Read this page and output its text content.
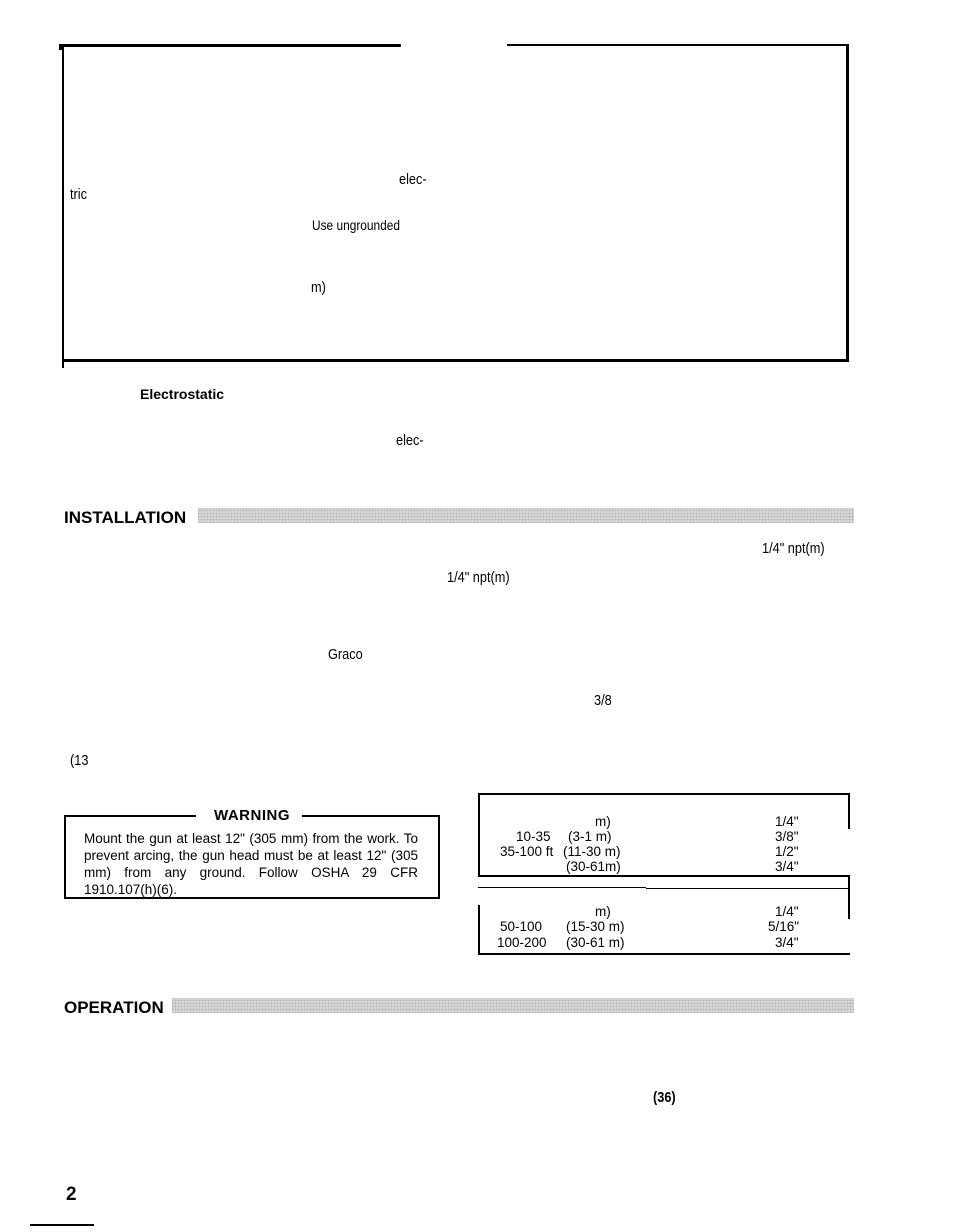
elec-
tric
Use ungrounded
m)
Electrostatic
elec-
INSTALLATION
1/4" npt(m)
1/4" npt(m)
Graco
3/8
(13
WARNING
Mount the gun at least 12" (305 mm) from the work. To prevent arcing, the gun head must be at least 12" (305 mm) from any ground. Follow OSHA 29 CFR 1910.107(h)(6).
m)	1/4"
10-35 (3-1 m)	3/8"
35-100 ft (11-30 m)	1/2"
(30-61m)	3/4"
m)	1/4"
50-100 (15-30 m)	5/16"
100-200 (30-61 m)	3/4"
OPERATION
(36)
2
